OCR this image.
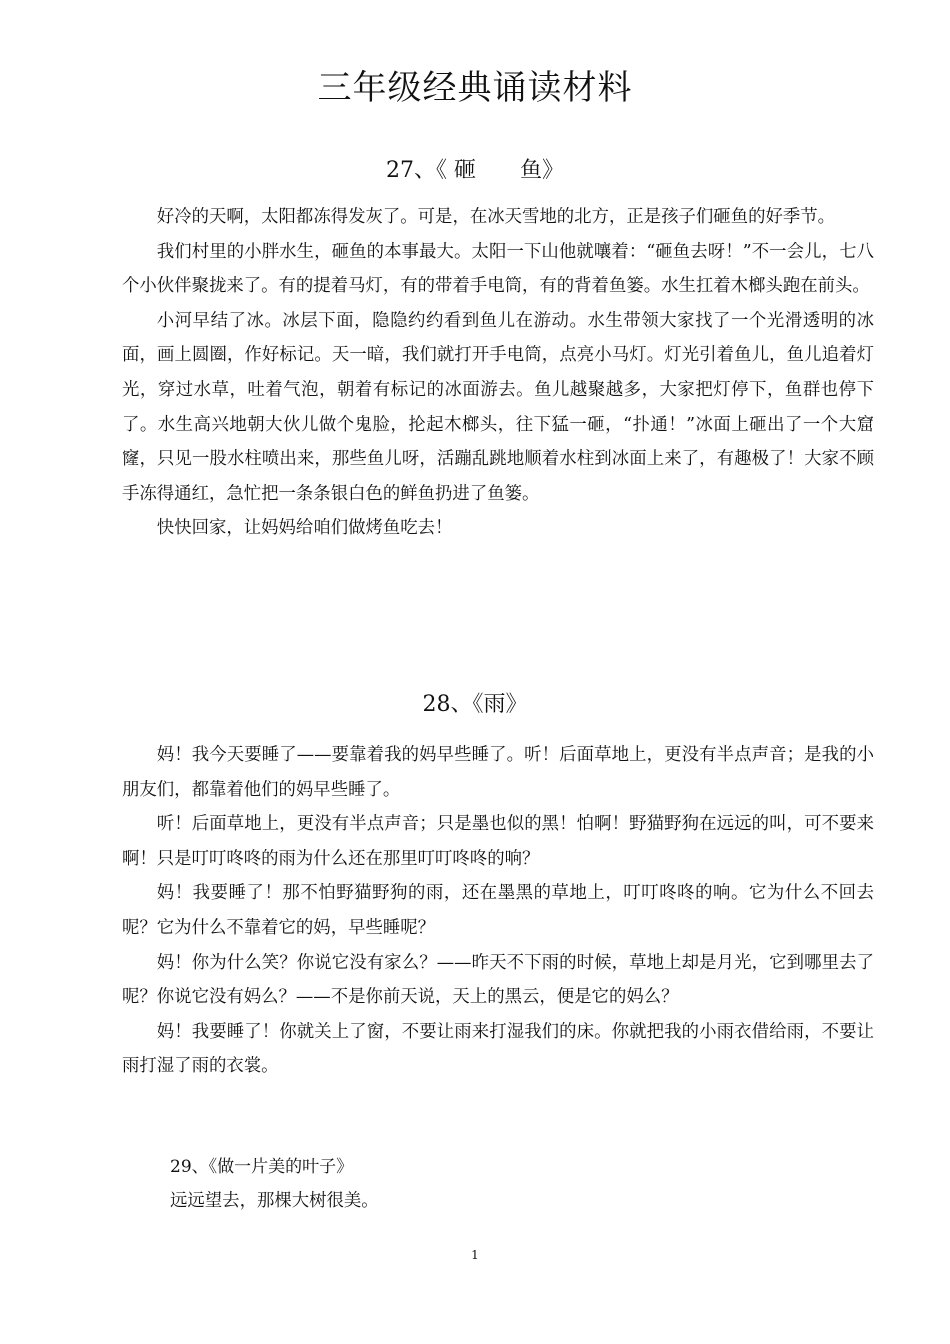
三年级经典诵读材料
27、《 砸　　鱼》

好冷的天啊，太阳都冻得发灰了。可是，在冰天雪地的北方，正是孩子们砸鱼的好季节。

我们村里的小胖水生，砸鱼的本事最大。太阳一下山他就嚷着：“砸鱼去呀！”不一会儿，七八个小伙伴聚拢来了。有的提着马灯，有的带着手电筒，有的背着鱼篓。水生扛着木榔头跑在前头。

小河早结了冰。冰层下面，隐隐约约看到鱼儿在游动。水生带领大家找了一个光滑透明的冰面，画上圆圈，作好标记。天一暗，我们就打开手电筒，点亮小马灯。灯光引着鱼儿，鱼儿追着灯光，穿过水草，吐着气泡，朝着有标记的冰面游去。鱼儿越聚越多，大家把灯停下，鱼群也停下了。水生高兴地朝大伙儿做个鬼脸，抡起木榔头，往下猛一砸，“扑通！”冰面上砸出了一个大窟窿，只见一股水柱喷出来，那些鱼儿呀，活蹦乱跳地顺着水柱到冰面上来了，有趣极了！大家不顾手冻得通红，急忙把一条条银白色的鲜鱼扔进了鱼篓。

快快回家，让妈妈给咱们做烤鱼吃去！

28、《雨》

妈！我今天要睡了——要靠着我的妈早些睡了。听！后面草地上，更没有半点声音；是我的小朋友们，都靠着他们的妈早些睡了。

听！后面草地上，更没有半点声音；只是墨也似的黑！怕啊！野猫野狗在远远的叫，可不要来啊！只是叮叮咚咚的雨为什么还在那里叮叮咚咚的响？

妈！我要睡了！那不怕野猫野狗的雨，还在墨黑的草地上，叮叮咚咚的响。它为什么不回去呢？它为什么不靠着它的妈，早些睡呢？

妈！你为什么笑？你说它没有家么？——昨天不下雨的时候，草地上却是月光，它到哪里去了呢？你说它没有妈么？——不是你前天说，天上的黑云，便是它的妈么？

妈！我要睡了！你就关上了窗，不要让雨来打湿我们的床。你就把我的小雨衣借给雨，不要让雨打湿了雨的衣裳。

29、《做一片美的叶子》
远远望去，那棵大树很美。
1
